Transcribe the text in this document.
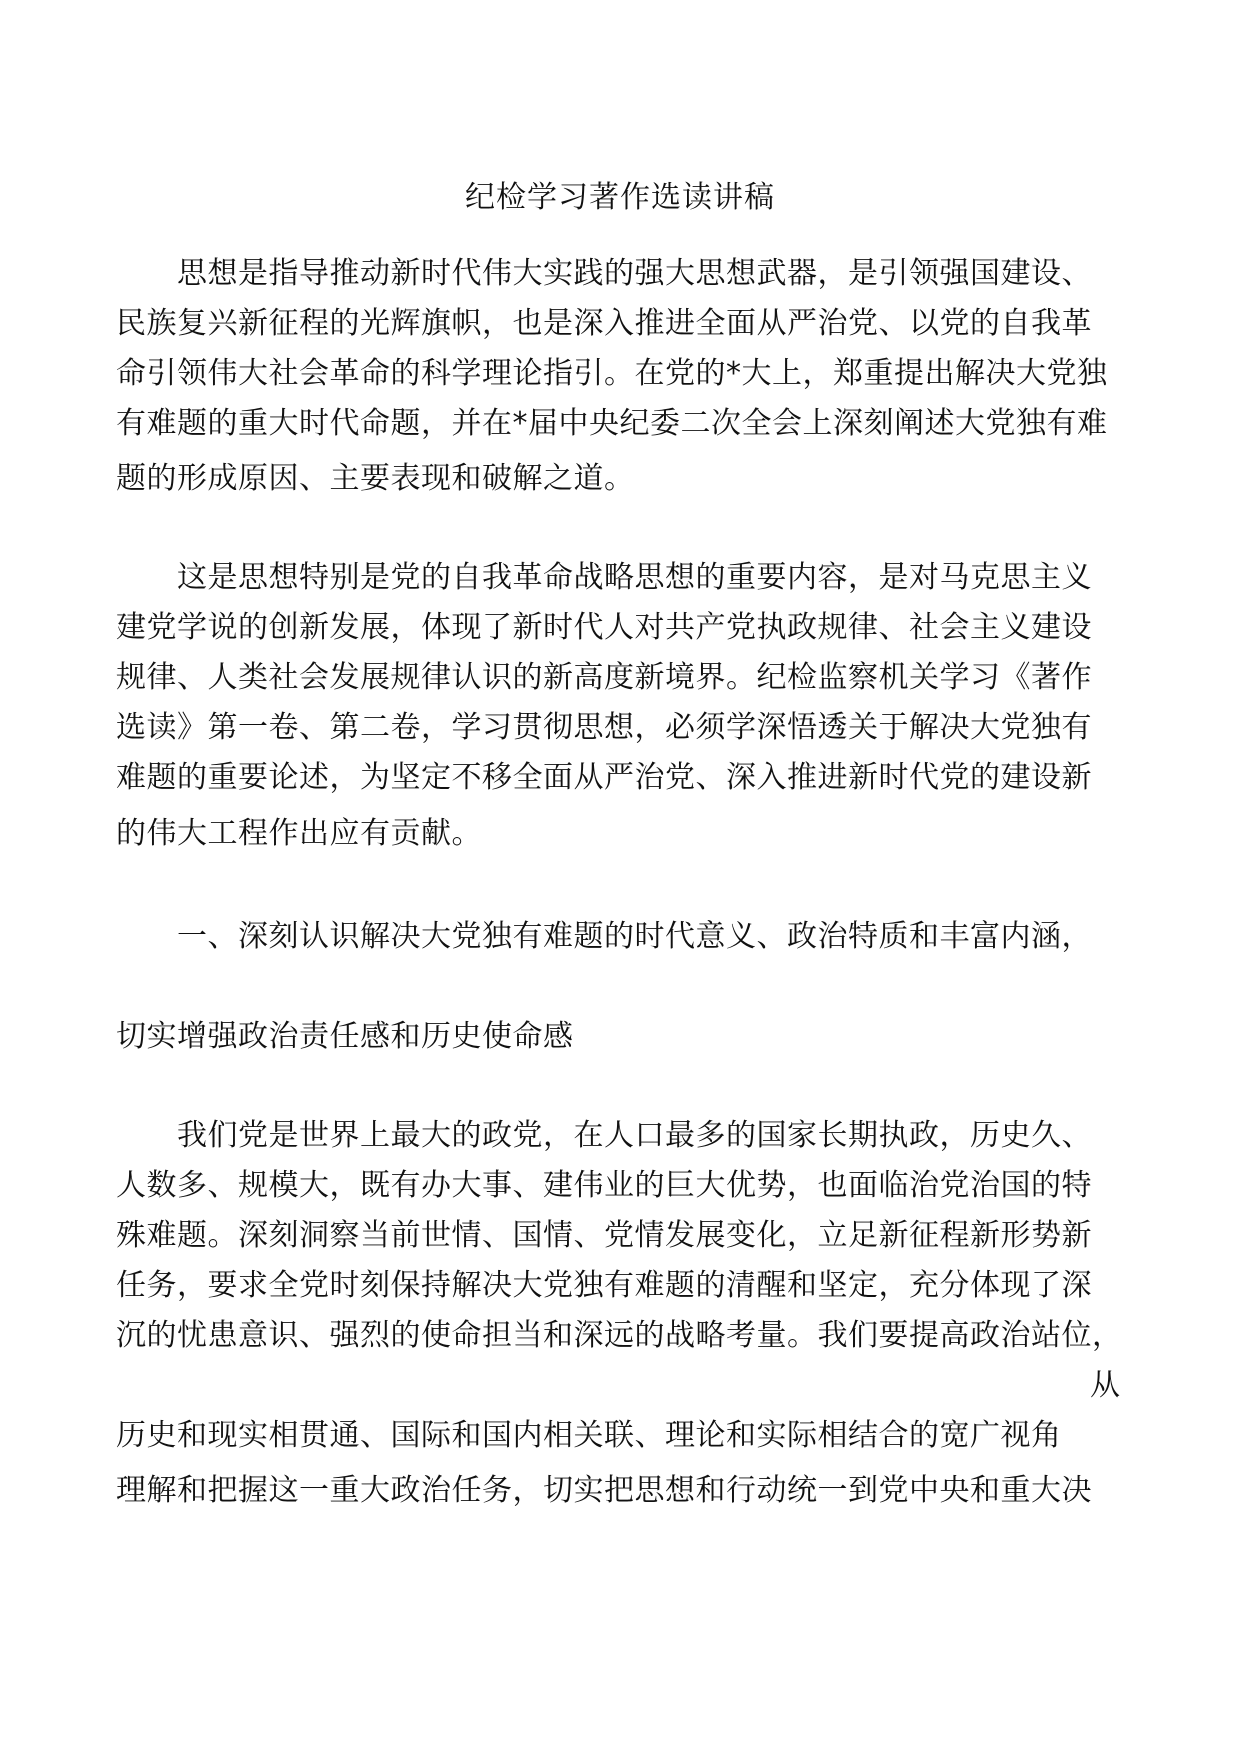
纪检学习著作选读讲稿
思想是指导推动新时代伟大实践的强大思想武器，是引领强国建设、
民族复兴新征程的光辉旗帜，也是深入推进全面从严治党、以党的自我革
命引领伟大社会革命的科学理论指引。在党的*大上，郑重提出解决大党独
有难题的重大时代命题，并在*届中央纪委二次全会上深刻阐述大党独有难
题的形成原因、主要表现和破解之道。
这是思想特别是党的自我革命战略思想的重要内容，是对马克思主义
建党学说的创新发展，体现了新时代人对共产党执政规律、社会主义建设
规律、人类社会发展规律认识的新高度新境界。纪检监察机关学习《著作
选读》第一卷、第二卷，学习贯彻思想，必须学深悟透关于解决大党独有
难题的重要论述，为坚定不移全面从严治党、深入推进新时代党的建设新
的伟大工程作出应有贡献。
一、深刻认识解决大党独有难题的时代意义、政治特质和丰富内涵，
切实增强政治责任感和历史使命感
我们党是世界上最大的政党，在人口最多的国家长期执政，历史久、
人数多、规模大，既有办大事、建伟业的巨大优势，也面临治党治国的特
殊难题。深刻洞察当前世情、国情、党情发展变化，立足新征程新形势新
任务，要求全党时刻保持解决大党独有难题的清醒和坚定，充分体现了深
沉的忧患意识、强烈的使命担当和深远的战略考量。我们要提高政治站位，
从
历史和现实相贯通、国际和国内相关联、理论和实际相结合的宽广视角
理解和把握这一重大政治任务，切实把思想和行动统一到党中央和重大决
